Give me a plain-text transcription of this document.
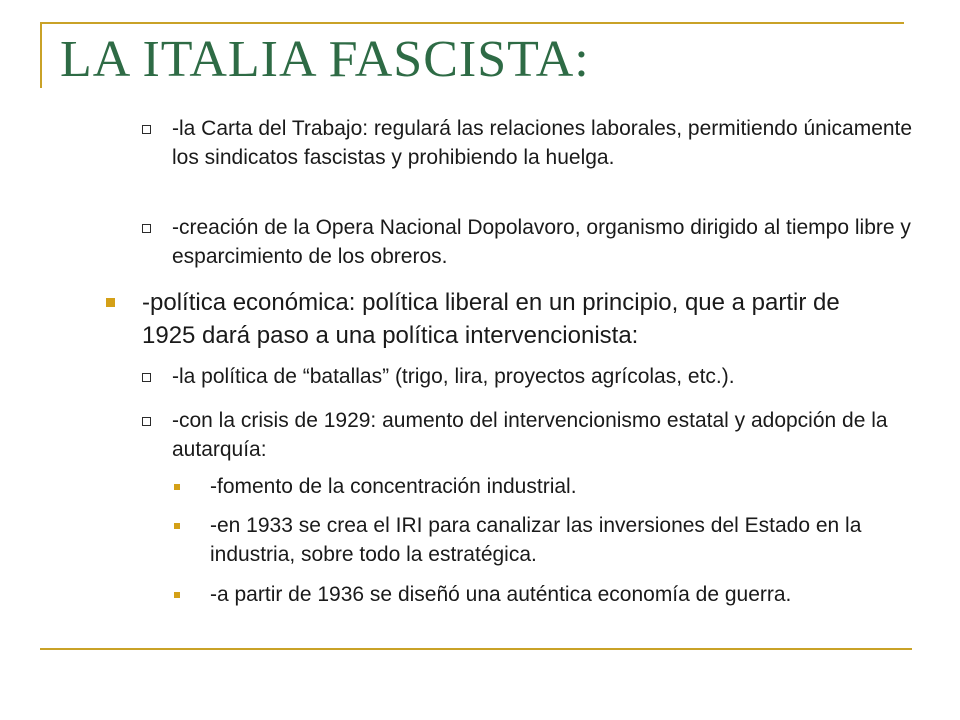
LA ITALIA FASCISTA:
-la Carta del Trabajo: regulará las relaciones laborales, permitiendo únicamente los sindicatos fascistas y prohibiendo la huelga.
-creación de la Opera Nacional Dopolavoro, organismo dirigido al tiempo libre y esparcimiento de los obreros.
-política económica: política liberal en un principio, que a partir de 1925 dará paso a una política intervencionista:
-la política de “batallas” (trigo, lira, proyectos agrícolas, etc.).
-con la crisis de 1929: aumento del intervencionismo estatal y adopción de la autarquía:
-fomento de la concentración industrial.
-en 1933 se crea el IRI para canalizar las inversiones del Estado en la industria, sobre todo la estratégica.
-a partir de 1936 se diseñó una auténtica economía de guerra.
